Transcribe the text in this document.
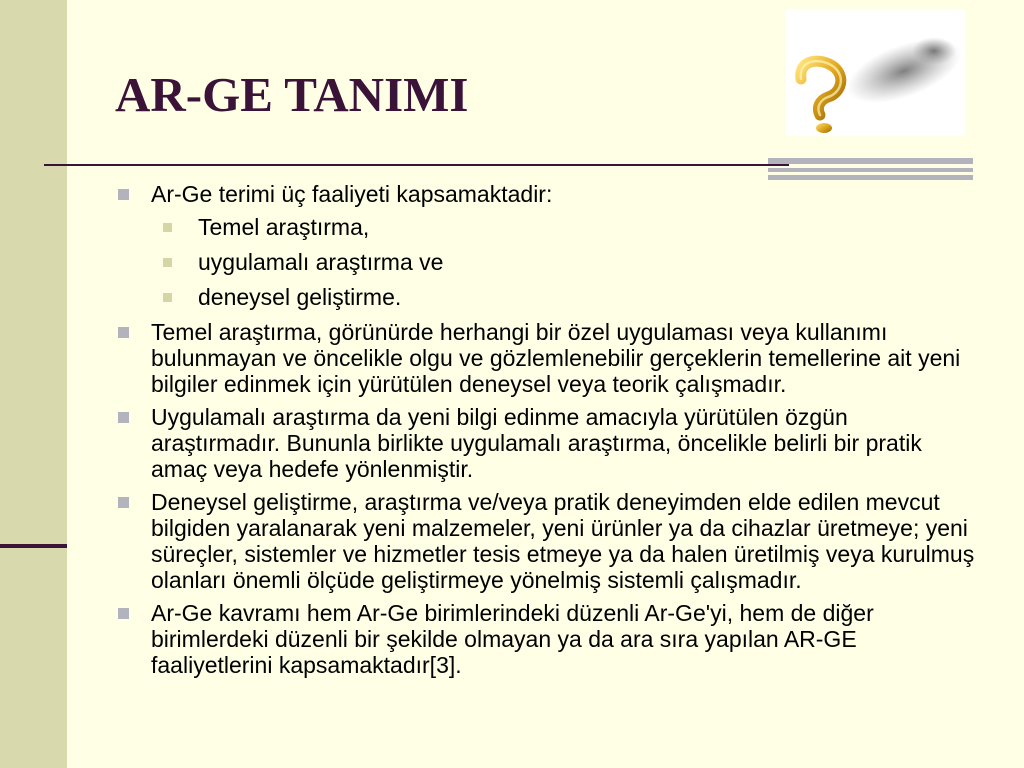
AR-GE TANIMI
Ar-Ge terimi üç faaliyeti kapsamaktadir:
Temel araştırma,
uygulamalı araştırma ve
deneysel geliştirme.
Temel araştırma, görünürde herhangi bir özel uygulaması veya kullanımı bulunmayan ve öncelikle olgu ve gözlemlenebilir gerçeklerin temellerine ait yeni bilgiler edinmek için yürütülen deneysel veya teorik çalışmadır.
Uygulamalı araştırma da yeni bilgi edinme amacıyla yürütülen özgün araştırmadır. Bununla birlikte uygulamalı araştırma, öncelikle belirli bir pratik amaç veya hedefe yönlenmiştir.
Deneysel geliştirme, araştırma ve/veya pratik deneyimden elde edilen mevcut bilgiden yaralanarak yeni malzemeler, yeni ürünler ya da cihazlar üretmeye; yeni süreçler, sistemler ve hizmetler tesis etmeye ya da halen üretilmiş veya kurulmuş olanları önemli ölçüde geliştirmeye yönelmiş sistemli çalışmadır.
Ar-Ge kavramı hem Ar-Ge birimlerindeki düzenli Ar-Ge'yi, hem de diğer birimlerdeki düzenli bir şekilde olmayan ya da ara sıra yapılan AR-GE faaliyetlerini kapsamaktadır[3].
